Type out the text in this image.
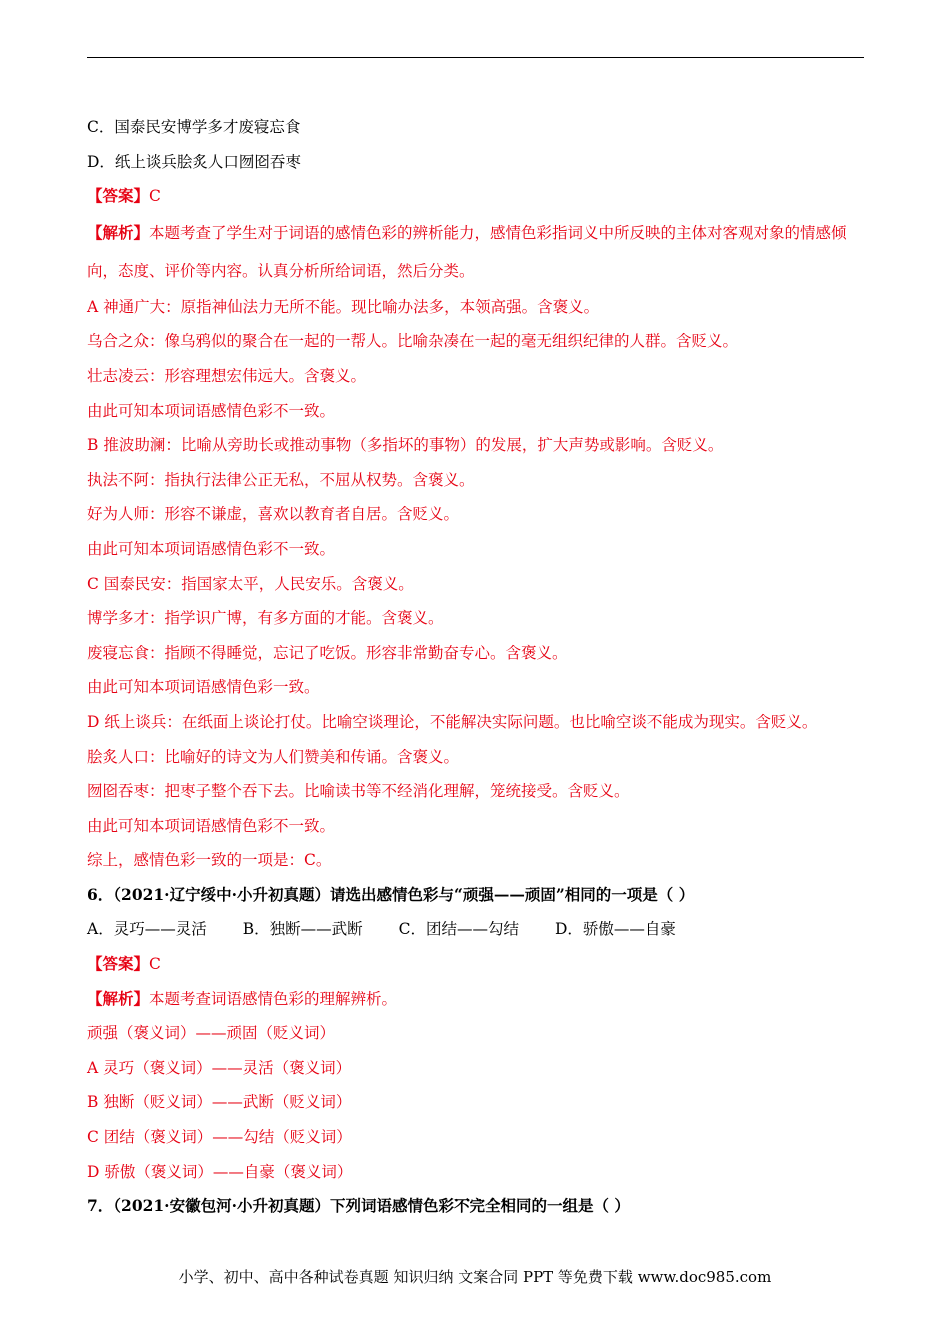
C．国泰民安博学多才废寝忘食
D．纸上谈兵脍炙人口囫囵吞枣
【答案】C
【解析】本题考查了学生对于词语的感情色彩的辨析能力，感情色彩指词义中所反映的主体对客观对象的情感倾向，态度、评价等内容。认真分析所给词语，然后分类。
A 神通广大：原指神仙法力无所不能。现比喻办法多，本领高强。含褒义。
乌合之众：像乌鸦似的聚合在一起的一帮人。比喻杂凑在一起的毫无组织纪律的人群。含贬义。
壮志凌云：形容理想宏伟远大。含褒义。
由此可知本项词语感情色彩不一致。
B 推波助澜：比喻从旁助长或推动事物（多指坏的事物）的发展，扩大声势或影响。含贬义。
执法不阿：指执行法律公正无私，不屈从权势。含褒义。
好为人师：形容不谦虚，喜欢以教育者自居。含贬义。
由此可知本项词语感情色彩不一致。
C 国泰民安：指国家太平，人民安乐。含褒义。
博学多才：指学识广博，有多方面的才能。含褒义。
废寝忘食：指顾不得睡觉，忘记了吃饭。形容非常勤奋专心。含褒义。
由此可知本项词语感情色彩一致。
D 纸上谈兵：在纸面上谈论打仗。比喻空谈理论，不能解决实际问题。也比喻空谈不能成为现实。含贬义。
脍炙人口：比喻好的诗文为人们赞美和传诵。含褒义。
囫囵吞枣：把枣子整个吞下去。比喻读书等不经消化理解，笼统接受。含贬义。
由此可知本项词语感情色彩不一致。
综上，感情色彩一致的一项是：C。
6．（2021·辽宁绥中·小升初真题）请选出感情色彩与“顽强——顽固”相同的一项是（ ）
A．灵巧——灵活 B．独断——武断 C．团结——勾结 D．骄傲——自豪
【答案】C
【解析】本题考查词语感情色彩的理解辨析。
顽强（褒义词）——顽固（贬义词）
A 灵巧（褒义词）——灵活（褒义词）
B 独断（贬义词）——武断（贬义词）
C 团结（褒义词）——勾结（贬义词）
D 骄傲（褒义词）——自豪（褒义词）
7．（2021·安徽包河·小升初真题）下列词语感情色彩· · · 不完全相同的一组是（ ）
小学、初中、高中各种试卷真题 知识归纳 文案合同 PPT 等免费下载 www.doc985.com
